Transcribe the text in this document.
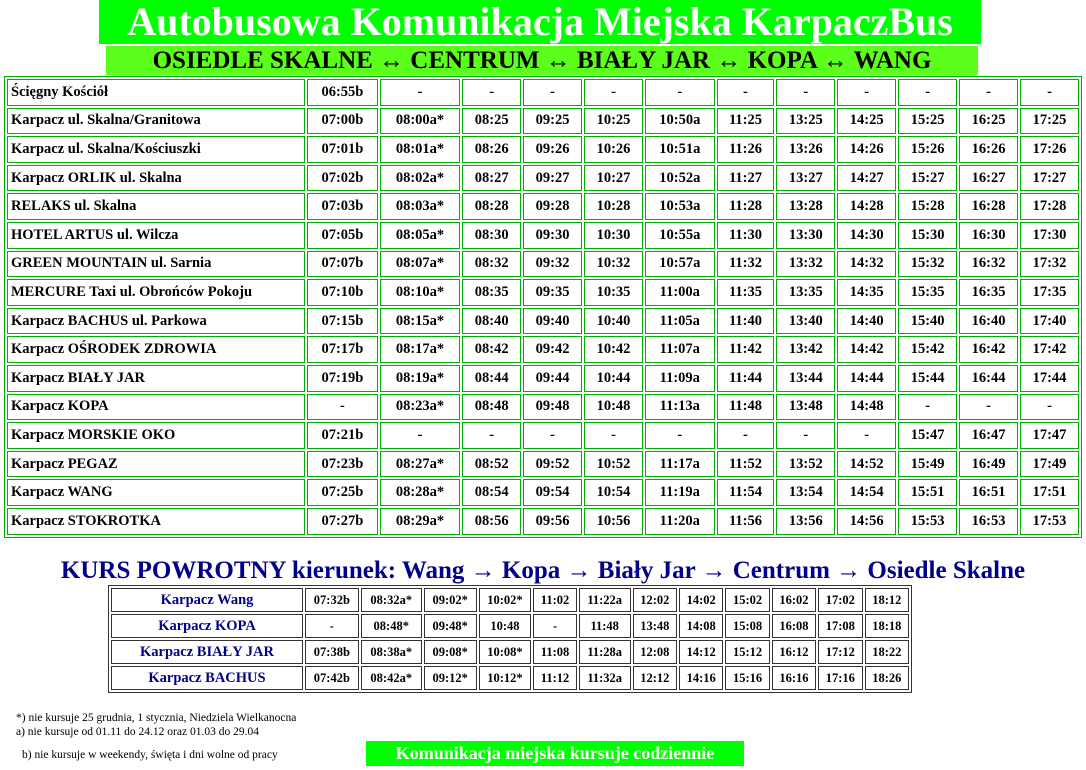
Autobusowa Komunikacja Miejska KarpaczBus
OSIEDLE SKALNE ↔ CENTRUM ↔ BIAŁY JAR ↔ KOPA ↔ WANG
Ścięgny Kościół	06:55b	-	-	-	-	-	-	-	-	-	-	-
Karpacz ul. Skalna/Granitowa	07:00b	08:00a*	08:25	09:25	10:25	10:50a	11:25	13:25	14:25	15:25	16:25	17:25
Karpacz ul. Skalna/Kościuszki	07:01b	08:01a*	08:26	09:26	10:26	10:51a	11:26	13:26	14:26	15:26	16:26	17:26
Karpacz ORLIK ul. Skalna	07:02b	08:02a*	08:27	09:27	10:27	10:52a	11:27	13:27	14:27	15:27	16:27	17:27
RELAKS ul. Skalna	07:03b	08:03a*	08:28	09:28	10:28	10:53a	11:28	13:28	14:28	15:28	16:28	17:28
HOTEL ARTUS ul. Wilcza	07:05b	08:05a*	08:30	09:30	10:30	10:55a	11:30	13:30	14:30	15:30	16:30	17:30
GREEN MOUNTAIN ul. Sarnia	07:07b	08:07a*	08:32	09:32	10:32	10:57a	11:32	13:32	14:32	15:32	16:32	17:32
MERCURE Taxi ul. Obrońców Pokoju	07:10b	08:10a*	08:35	09:35	10:35	11:00a	11:35	13:35	14:35	15:35	16:35	17:35
Karpacz BACHUS ul. Parkowa	07:15b	08:15a*	08:40	09:40	10:40	11:05a	11:40	13:40	14:40	15:40	16:40	17:40
Karpacz OŚRODEK ZDROWIA	07:17b	08:17a*	08:42	09:42	10:42	11:07a	11:42	13:42	14:42	15:42	16:42	17:42
Karpacz BIAŁY JAR	07:19b	08:19a*	08:44	09:44	10:44	11:09a	11:44	13:44	14:44	15:44	16:44	17:44
Karpacz KOPA	-	08:23a*	08:48	09:48	10:48	11:13a	11:48	13:48	14:48	-	-	-
Karpacz MORSKIE OKO	07:21b	-	-	-	-	-	-	-	-	15:47	16:47	17:47
Karpacz PEGAZ	07:23b	08:27a*	08:52	09:52	10:52	11:17a	11:52	13:52	14:52	15:49	16:49	17:49
Karpacz WANG	07:25b	08:28a*	08:54	09:54	10:54	11:19a	11:54	13:54	14:54	15:51	16:51	17:51
Karpacz STOKROTKA	07:27b	08:29a*	08:56	09:56	10:56	11:20a	11:56	13:56	14:56	15:53	16:53	17:53
KURS POWROTNY kierunek: Wang → Kopa → Biały Jar → Centrum → Osiedle Skalne
Karpacz Wang	07:32b	08:32a*	09:02*	10:02*	11:02	11:22a	12:02	14:02	15:02	16:02	17:02	18:12
Karpacz KOPA	-	08:48*	09:48*	10:48	-	11:48	13:48	14:08	15:08	16:08	17:08	18:18
Karpacz BIAŁY JAR	07:38b	08:38a*	09:08*	10:08*	11:08	11:28a	12:08	14:12	15:12	16:12	17:12	18:22
Karpacz BACHUS	07:42b	08:42a*	09:12*	10:12*	11:12	11:32a	12:12	14:16	15:16	16:16	17:16	18:26
*) nie kursuje 25 grudnia, 1 stycznia, Niedziela Wielkanocna
a) nie kursuje od 01.11 do 24.12 oraz 01.03 do 29.04
b) nie kursuje w weekendy, święta i dni wolne od pracy	Komunikacja miejska kursuje codziennie
